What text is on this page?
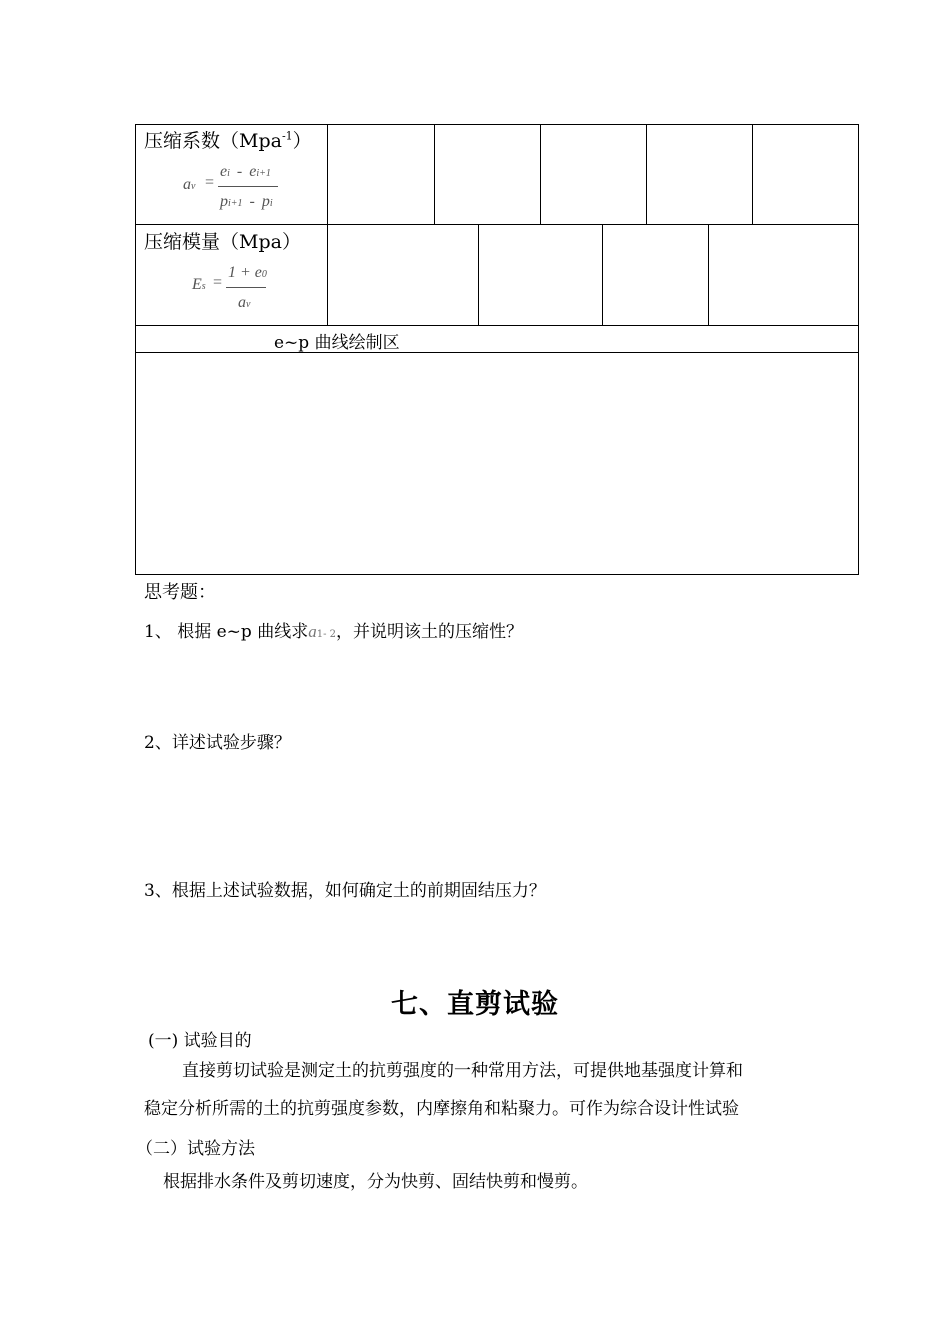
压缩系数（Mpa$^{-1}$）
av =
ei - ei+1
pi+1 - pi
压缩模量（Mpa）
Es =
1 + e0
av
e~p 曲线绘制区
思考题：
1、 根据 e~p 曲线求a1- 2，并说明该土的压缩性？
2、详述试验步骤？
3、根据上述试验数据，如何确定土的前期固结压力？
七、直剪试验
(一) 试验目的
直接剪切试验是测定土的抗剪强度的一种常用方法，可提供地基强度计算和
稳定分析所需的土的抗剪强度参数，内摩擦角和粘聚力。可作为综合设计性试验
（二）试验方法
根据排水条件及剪切速度，分为快剪、固结快剪和慢剪。
